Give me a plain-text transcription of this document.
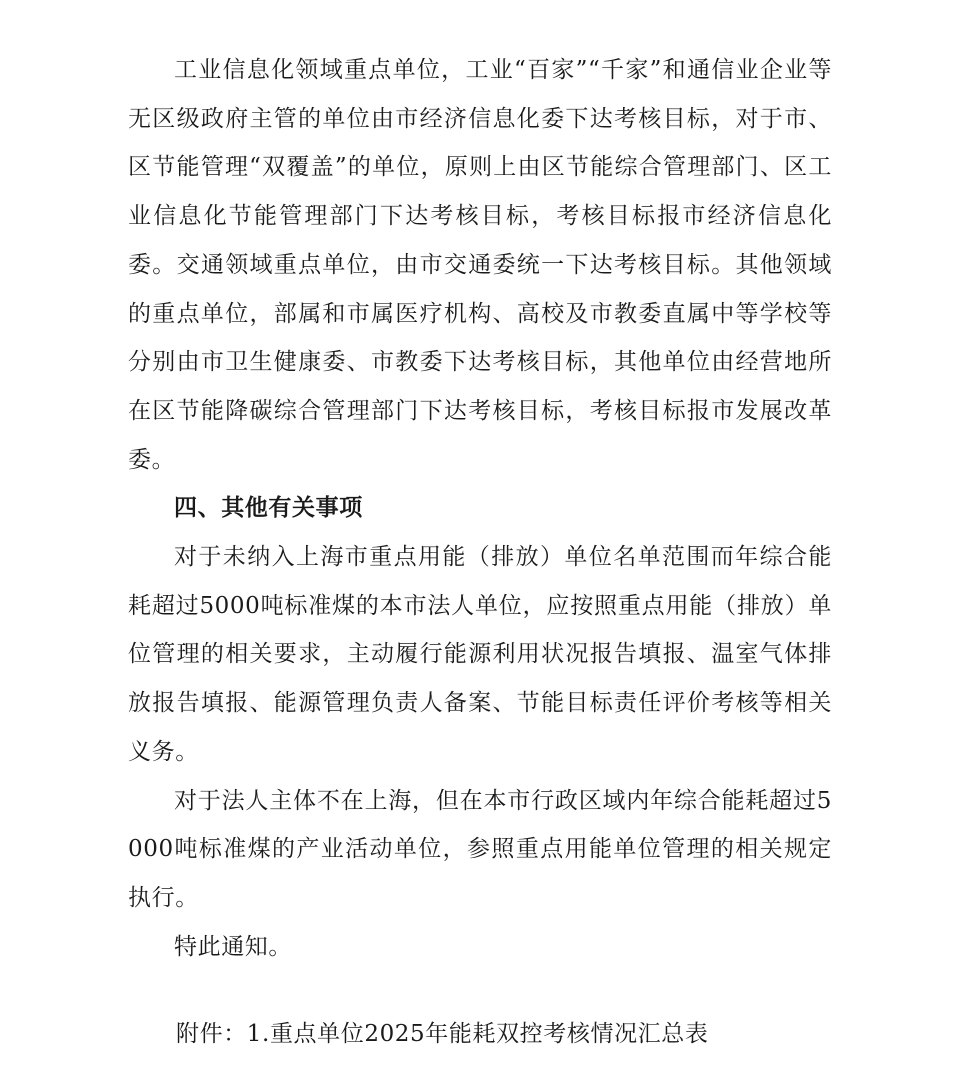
工业信息化领域重点单位，工业“百家”“千家”和通信业企业等无区级政府主管的单位由市经济信息化委下达考核目标，对于市、区节能管理“双覆盖”的单位，原则上由区节能综合管理部门、区工业信息化节能管理部门下达考核目标，考核目标报市经济信息化委。交通领域重点单位，由市交通委统一下达考核目标。其他领域的重点单位，部属和市属医疗机构、高校及市教委直属中等学校等分别由市卫生健康委、市教委下达考核目标，其他单位由经营地所在区节能降碳综合管理部门下达考核目标，考核目标报市发展改革委。

四、其他有关事项

对于未纳入上海市重点用能（排放）单位名单范围而年综合能耗超过5000吨标准煤的本市法人单位，应按照重点用能（排放）单位管理的相关要求，主动履行能源利用状况报告填报、温室气体排放报告填报、能源管理负责人备案、节能目标责任评价考核等相关义务。

对于法人主体不在上海，但在本市行政区域内年综合能耗超过5000吨标准煤的产业活动单位，参照重点用能单位管理的相关规定执行。

特此通知。

附件：1.重点单位2025年能耗双控考核情况汇总表
